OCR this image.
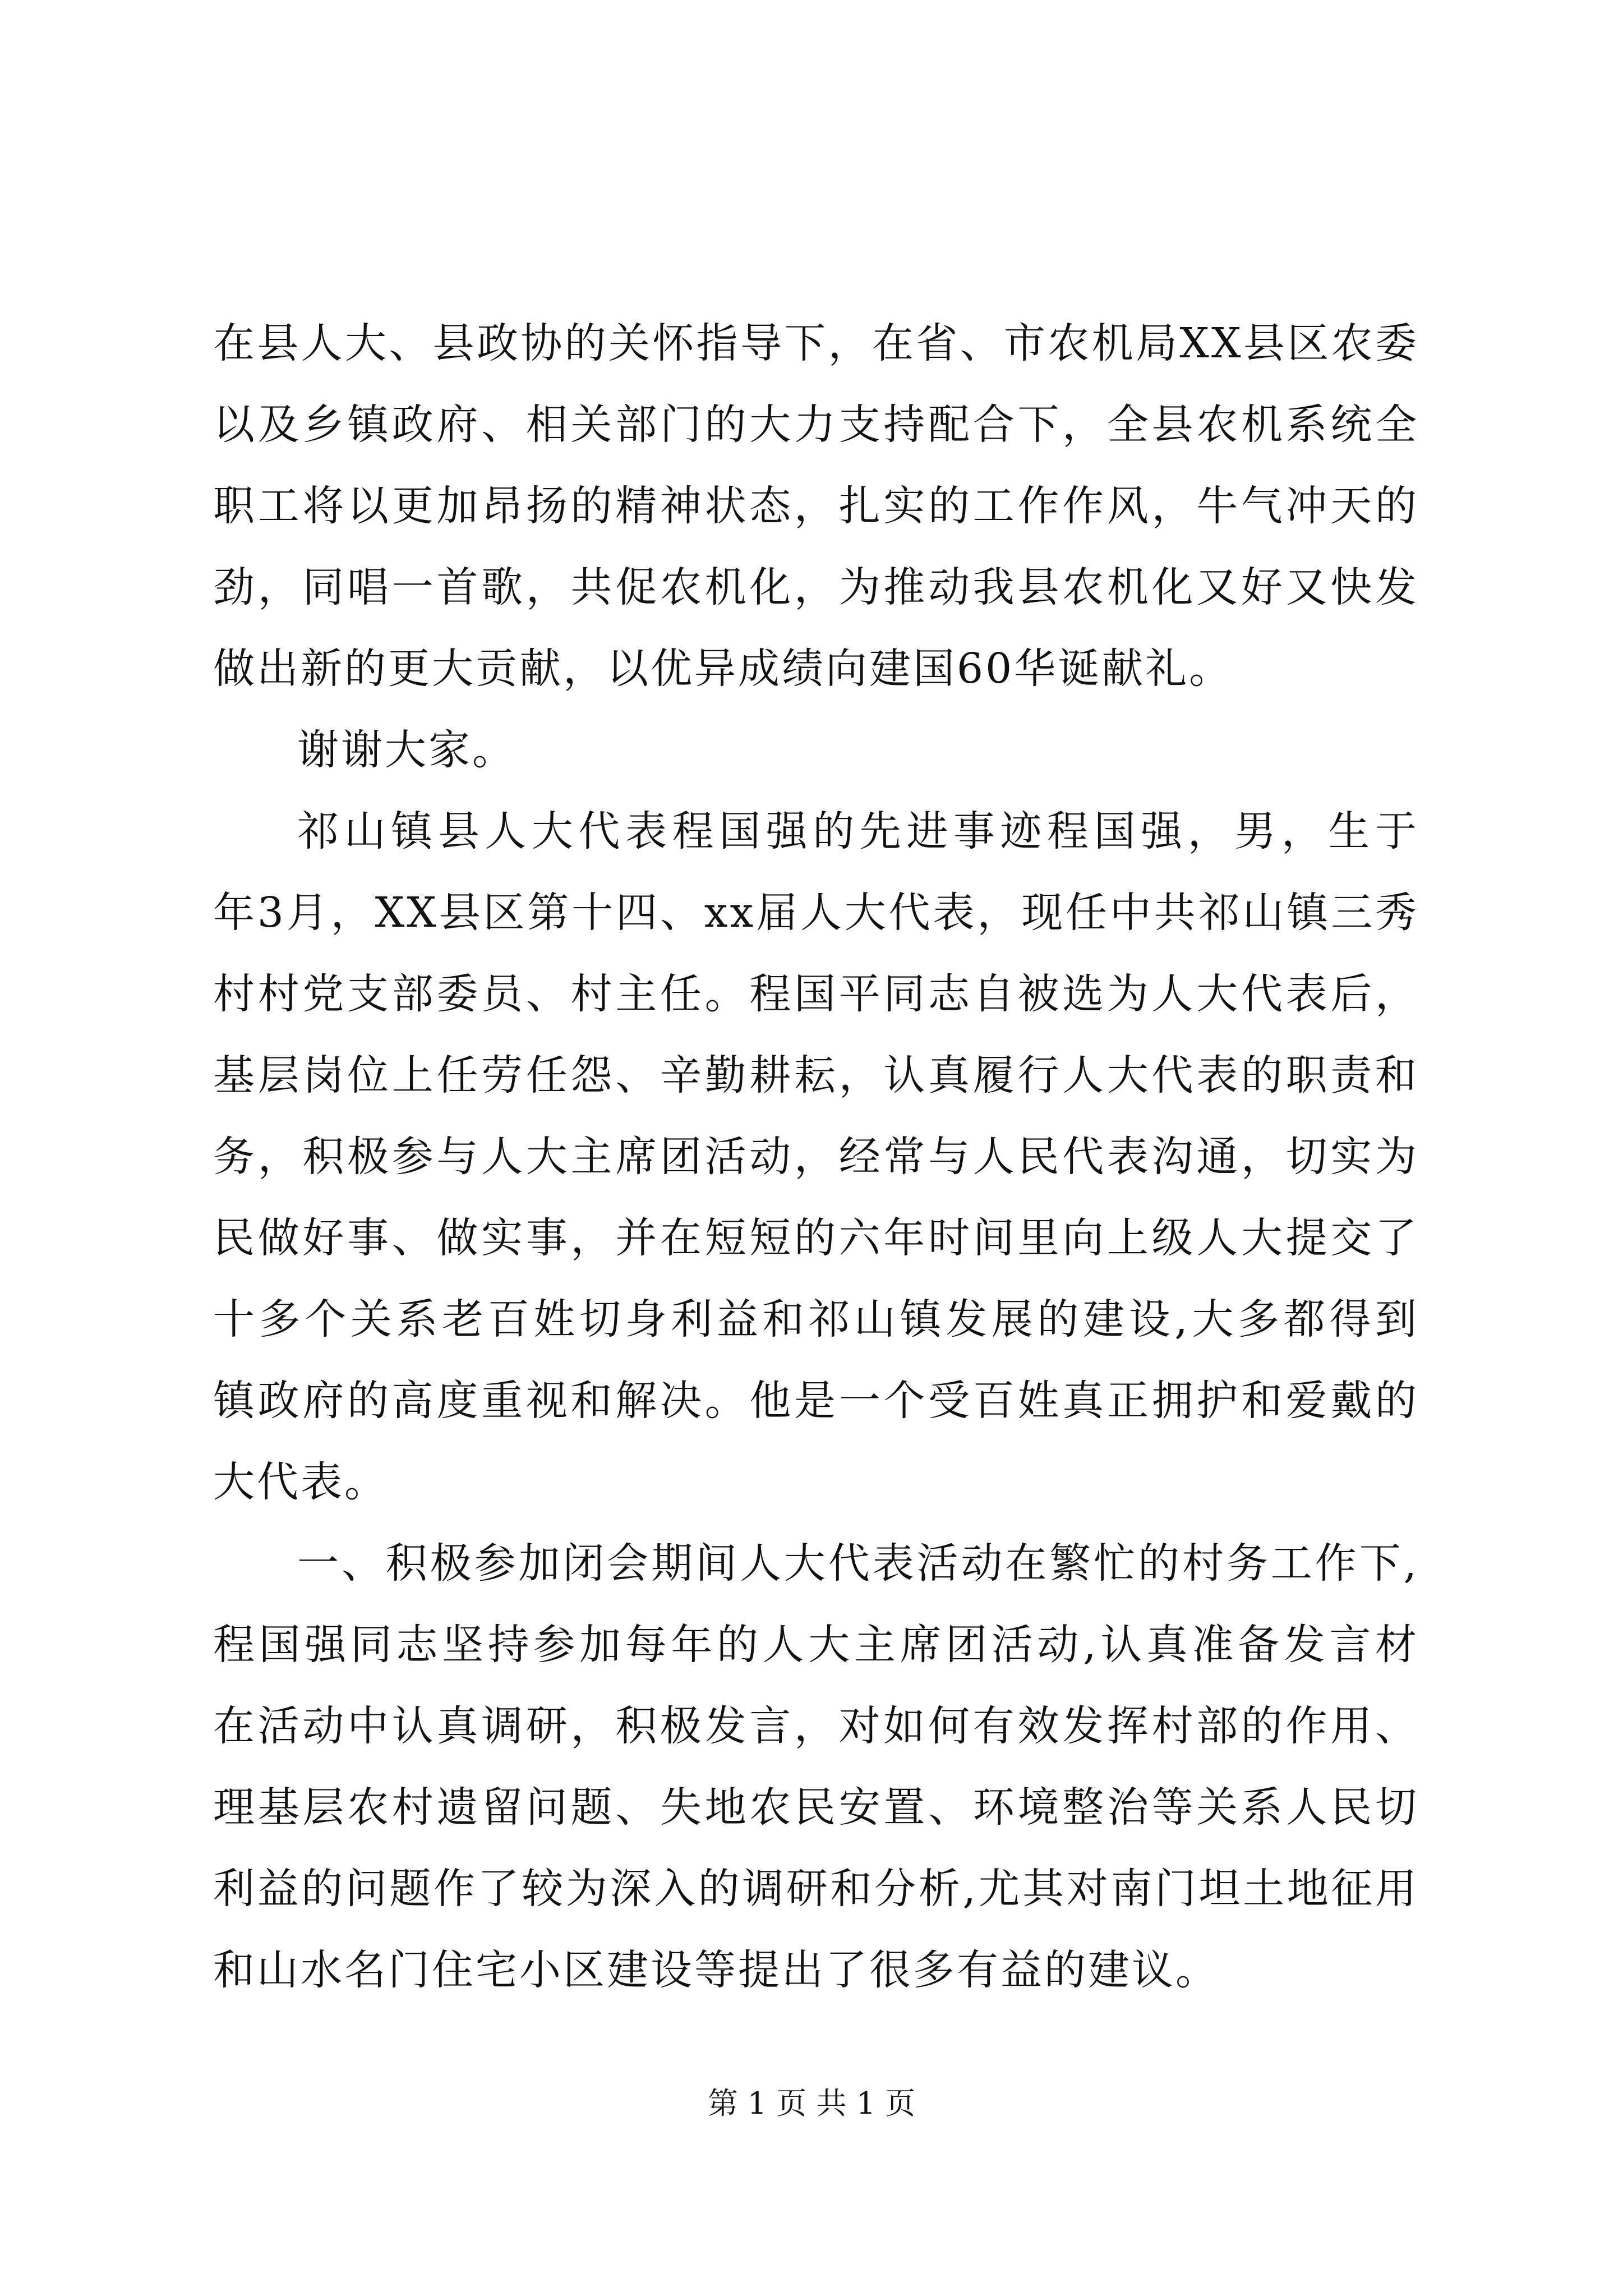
在县人大、县政协的关怀指导下，在省、市农机局XX县区农委
以及乡镇政府、相关部门的大力支持配合下，全县农机系统全
职工将以更加昂扬的精神状态，扎实的工作作风，牛气冲天的
劲，同唱一首歌，共促农机化，为推动我县农机化又好又快发
做出新的更大贡献，以优异成绩向建国60华诞献礼。
谢谢大家。
祁山镇县人大代表程国强的先进事迹程国强，男，生于
年3月，XX县区第十四、xx届人大代表，现任中共祁山镇三秀
村村党支部委员、村主任。程国平同志自被选为人大代表后，
基层岗位上任劳任怨、辛勤耕耘，认真履行人大代表的职责和
务，积极参与人大主席团活动，经常与人民代表沟通，切实为
民做好事、做实事，并在短短的六年时间里向上级人大提交了
十多个关系老百姓切身利益和祁山镇发展的建设,大多都得到
镇政府的高度重视和解决。他是一个受百姓真正拥护和爱戴的
大代表。
一、积极参加闭会期间人大代表活动在繁忙的村务工作下,
程国强同志坚持参加每年的人大主席团活动,认真准备发言材
在活动中认真调研，积极发言，对如何有效发挥村部的作用、
理基层农村遗留问题、失地农民安置、环境整治等关系人民切
利益的问题作了较为深入的调研和分析,尤其对南门坦土地征用
和山水名门住宅小区建设等提出了很多有益的建议。
第 1 页 共 1 页
